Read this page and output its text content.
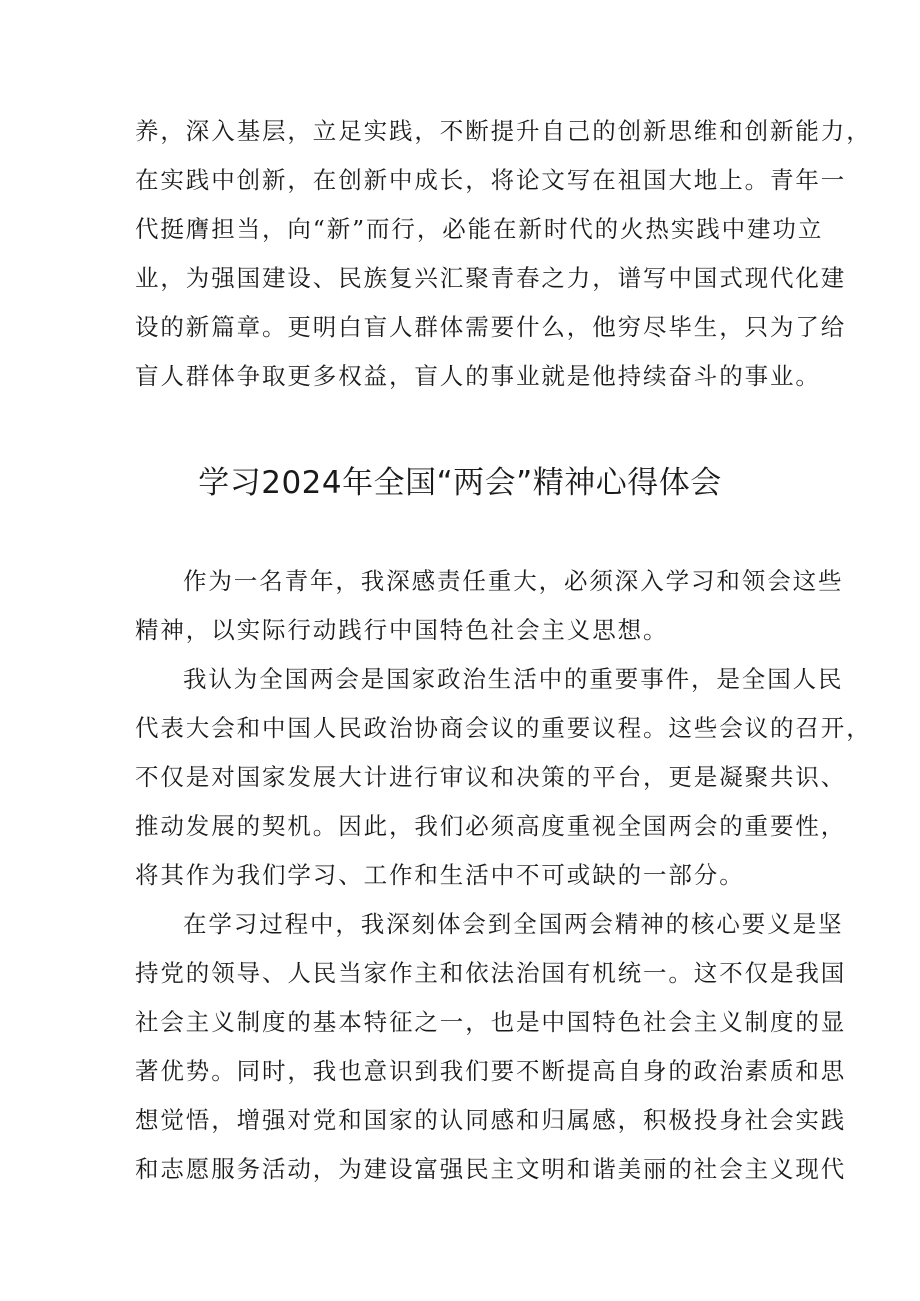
养，深入基层，立足实践，不断提升自己的创新思维和创新能力，
在实践中创新，在创新中成长，将论文写在祖国大地上。青年一
代挺膺担当，向“新”而行，必能在新时代的火热实践中建功立
业，为强国建设、民族复兴汇聚青春之力，谱写中国式现代化建
设的新篇章。更明白盲人群体需要什么，他穷尽毕生，只为了给
盲人群体争取更多权益，盲人的事业就是他持续奋斗的事业。
学习2024年全国“两会”精神心得体会
作为一名青年，我深感责任重大，必须深入学习和领会这些
精神，以实际行动践行中国特色社会主义思想。
我认为全国两会是国家政治生活中的重要事件，是全国人民
代表大会和中国人民政治协商会议的重要议程。这些会议的召开，
不仅是对国家发展大计进行审议和决策的平台，更是凝聚共识、
推动发展的契机。因此，我们必须高度重视全国两会的重要性，
将其作为我们学习、工作和生活中不可或缺的一部分。
在学习过程中，我深刻体会到全国两会精神的核心要义是坚
持党的领导、人民当家作主和依法治国有机统一。这不仅是我国
社会主义制度的基本特征之一，也是中国特色社会主义制度的显
著优势。同时，我也意识到我们要不断提高自身的政治素质和思
想觉悟，增强对党和国家的认同感和归属感，积极投身社会实践
和志愿服务活动，为建设富强民主文明和谐美丽的社会主义现代
